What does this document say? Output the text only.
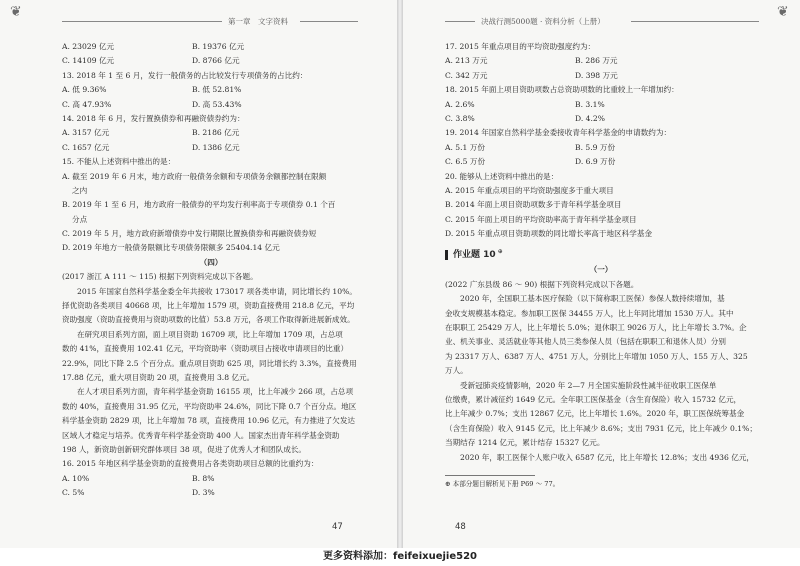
❦
第一章　文字资料
A. 23029 亿元	B. 19376 亿元
C. 14109 亿元	D. 8766 亿元
13. 2018 年 1 至 6 月，发行一般债务的占比较发行专项债务的占比约：
A. 低 9.36%	B. 低 52.81%
C. 高 47.93%	D. 高 53.43%
14. 2018 年 6 月，发行置换债券和再融资债券约为：
A. 3157 亿元	B. 2186 亿元
C. 1657 亿元	D. 1386 亿元
15. 不能从上述资料中推出的是：
A. 截至 2019 年 6 月末，地方政府一般债务余额和专项债务余额都控制在限额
之内
B. 2019 年 1 至 6 月，地方政府一般债券的平均发行利率高于专项债券 0.1 个百
分点
C. 2019 年 5 月，地方政府新增债券中发行期限比置换债券和再融资债券短
D. 2019 年地方一般债务限额比专项债务限额多 25404.14 亿元
（四）
(2017 浙江 A 111 ～ 115) 根据下列资料完成以下各题。
2015 年国家自然科学基金委全年共接收 173017 项各类申请，同比增长约 10%。
择优资助各类项目 40668 项，比上年增加 1579 项，资助直接费用 218.8 亿元，平均
资助强度（资助直接费用与资助项数的比值）53.8 万元，各项工作取得新进展新成效。
在研究项目系列方面，面上项目资助 16709 项，比上年增加 1709 项，占总项
数的 41%，直接费用 102.41 亿元，平均资助率（资助项目占接收申请项目的比重）
22.9%，同比下降 2.5 个百分点。重点项目资助 625 项，同比增长约 3.3%，直接费用
17.88 亿元，重大项目资助 20 项，直接费用 3.8 亿元。
在人才项目系列方面，青年科学基金资助 16155 项，比上年减少 266 项，占总项
数的 40%，直接费用 31.95 亿元，平均资助率 24.6%，同比下降 0.7 个百分点。地区
科学基金资助 2829 项，比上年增加 78 项，直接费用 10.96 亿元，有力推进了欠发达
区域人才稳定与培养。优秀青年科学基金资助 400 人。国家杰出青年科学基金资助
198 人，新资助创新研究群体项目 38 项，促进了优秀人才和团队成长。
16. 2015 年地区科学基金资助的直接费用占各类资助项目总额的比重约为：
A. 10%	B. 8%
C. 5%	D. 3%
47
❦
决战行测5000题 · 资料分析（上册）
17. 2015 年重点项目的平均资助强度约为：
A. 213 万元	B. 286 万元
C. 342 万元	D. 398 万元
18. 2015 年面上项目资助项数占总资助项数的比重较上一年增加约：
A. 2.6%	B. 3.1%
C. 3.8%	D. 4.2%
19. 2014 年国家自然科学基金委接收青年科学基金的申请数约为：
A. 5.1 万份	B. 5.9 万份
C. 6.5 万份	D. 6.9 万份
20. 能够从上述资料中推出的是：
A. 2015 年重点项目的平均资助强度多于重大项目
B. 2014 年面上项目资助项数多于青年科学基金项目
C. 2015 年面上项目的平均资助率高于青年科学基金项目
D. 2015 年重点项目资助项数的同比增长率高于地区科学基金
作业题 10 ⊕
（一）
(2022 广东县级 86 ～ 90) 根据下列资料完成以下各题。
2020 年，全国职工基本医疗保险（以下简称职工医保）参保人数持续增加，基
金收支规模基本稳定。参加职工医保 34455 万人，比上年同比增加 1530 万人。其中
在职职工 25429 万人，比上年增长 5.0%；退休职工 9026 万人，比上年增长 3.7%。企
业、机关事业、灵活就业等其他人员三类参保人员（包括在职职工和退休人员）分别
为 23317 万人、6387 万人、4751 万人，分别比上年增加 1050 万人、155 万人、325
万人。
受新冠肺炎疫情影响，2020 年 2—7 月全国实施阶段性减半征收职工医保单
位缴费，累计减征约 1649 亿元。全年职工医保基金（含生育保险）收入 15732 亿元，
比上年减少 0.7%；支出 12867 亿元，比上年增长 1.6%。2020 年，职工医保统筹基金
（含生育保险）收入 9145 亿元，比上年减少 8.6%；支出 7931 亿元，比上年减少 0.1%；
当期结存 1214 亿元，累计结存 15327 亿元。
2020 年，职工医保个人账户收入 6587 亿元，比上年增长 12.8%；支出 4936 亿元，
⊕ 本部分题目解析见下册 P69 ～ 77。
48
更多资料添加：feifeixuejie520
